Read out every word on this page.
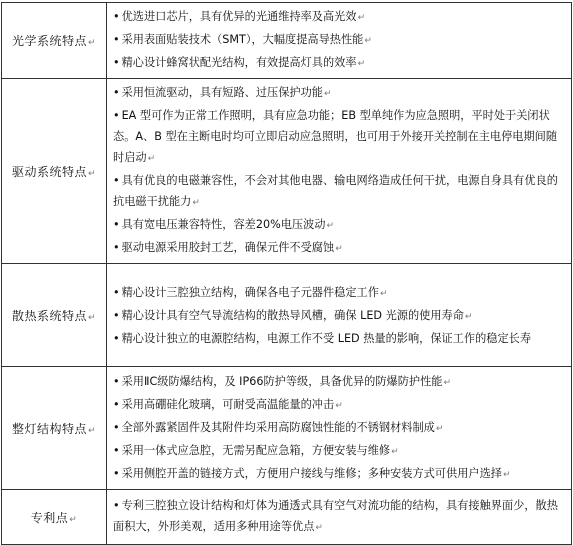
光学系统特点↵	• 优选进口芯片，具有优异的光通维持率及高光效↵
• 采用表面贴装技术（SMT），大幅度提高导热性能↵
• 精心设计蜂窝状配光结构，有效提高灯具的效率↵

驱动系统特点↵	• 采用恒流驱动，具有短路、过压保护功能↵
• EA 型可作为正常工作照明，具有应急功能；EB 型单纯作为应急照明，平时处于关闭状态。A、B 型在主断电时均可立即启动应急照明，也可用于外接开关控制在主电停电期间随时启动↵
• 具有优良的电磁兼容性，不会对其他电器、输电网络造成任何干扰，电源自身具有优良的抗电磁干扰能力↵
• 具有宽电压兼容特性，容差20%电压波动↵
• 驱动电源采用胶封工艺，确保元件不受腐蚀↵

散热系统特点↵	• 精心设计三腔独立结构，确保各电子元器件稳定工作↵
• 精心设计具有空气导流结构的散热导风槽，确保 LED 光源的使用寿命↵
• 精心设计独立的电源腔结构，电源工作不受 LED 热量的影响，保证工作的稳定长寿

整灯结构特点↵	• 采用ⅡC级防爆结构，及 IP66防护等级，具备优异的防爆防护性能↵
• 采用高硼硅化玻璃，可耐受高温能量的冲击↵
• 全部外露紧固件及其附件均采用高防腐蚀性能的不锈钢材料制成↵
• 采用一体式应急腔，无需另配应急箱，方便安装与维修↵
• 采用侧腔开盖的链接方式，方便用户接线与维修；多种安装方式可供用户选择↵

专利点↵	• 专利三腔独立设计结构和灯体为通透式具有空气对流功能的结构，具有接触界面少，散热面积大，外形美观，适用多种用途等优点↵
